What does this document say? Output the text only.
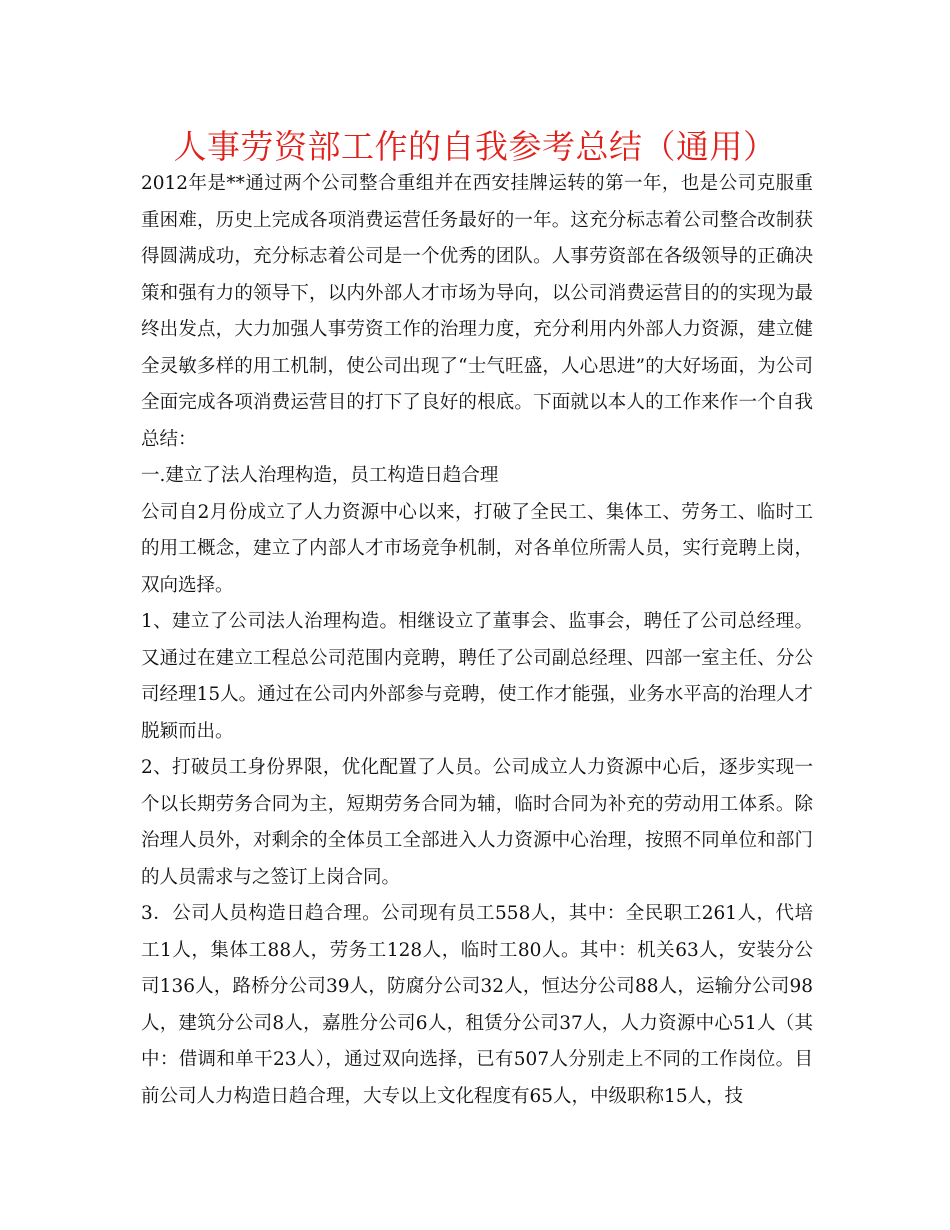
人事劳资部工作的自我参考总结（通用）

2012年是**通过两个公司整合重组并在西安挂牌运转的第一年，也是公司克服重重困难，历史上完成各项消费运营任务最好的一年。这充分标志着公司整合改制获得圆满成功，充分标志着公司是一个优秀的团队。人事劳资部在各级领导的正确决策和强有力的领导下，以内外部人才市场为导向，以公司消费运营目的的实现为最终出发点，大力加强人事劳资工作的治理力度，充分利用内外部人力资源，建立健全灵敏多样的用工机制，使公司出现了“士气旺盛，人心思进”的大好场面，为公司全面完成各项消费运营目的打下了良好的根底。下面就以本人的工作来作一个自我总结：

一.建立了法人治理构造，员工构造日趋合理

公司自2月份成立了人力资源中心以来，打破了全民工、集体工、劳务工、临时工的用工概念，建立了内部人才市场竞争机制，对各单位所需人员，实行竞聘上岗，双向选择。

1、建立了公司法人治理构造。相继设立了董事会、监事会，聘任了公司总经理。又通过在建立工程总公司范围内竞聘，聘任了公司副总经理、四部一室主任、分公司经理15人。通过在公司内外部参与竞聘，使工作才能强，业务水平高的治理人才脱颖而出。

2、打破员工身份界限，优化配置了人员。公司成立人力资源中心后，逐步实现一个以长期劳务合同为主，短期劳务合同为辅，临时合同为补充的劳动用工体系。除治理人员外，对剩余的全体员工全部进入人力资源中心治理，按照不同单位和部门的人员需求与之签订上岗合同。

3．公司人员构造日趋合理。公司现有员工558人，其中：全民职工261人，代培工1人，集体工88人，劳务工128人，临时工80人。其中：机关63人，安装分公司136人，路桥分公司39人，防腐分公司32人，恒达分公司88人，运输分公司98人，建筑分公司8人，嘉胜分公司6人，租赁分公司37人，人力资源中心51人（其中：借调和单干23人），通过双向选择，已有507人分别走上不同的工作岗位。目前公司人力构造日趋合理，大专以上文化程度有65人，中级职称15人，技
